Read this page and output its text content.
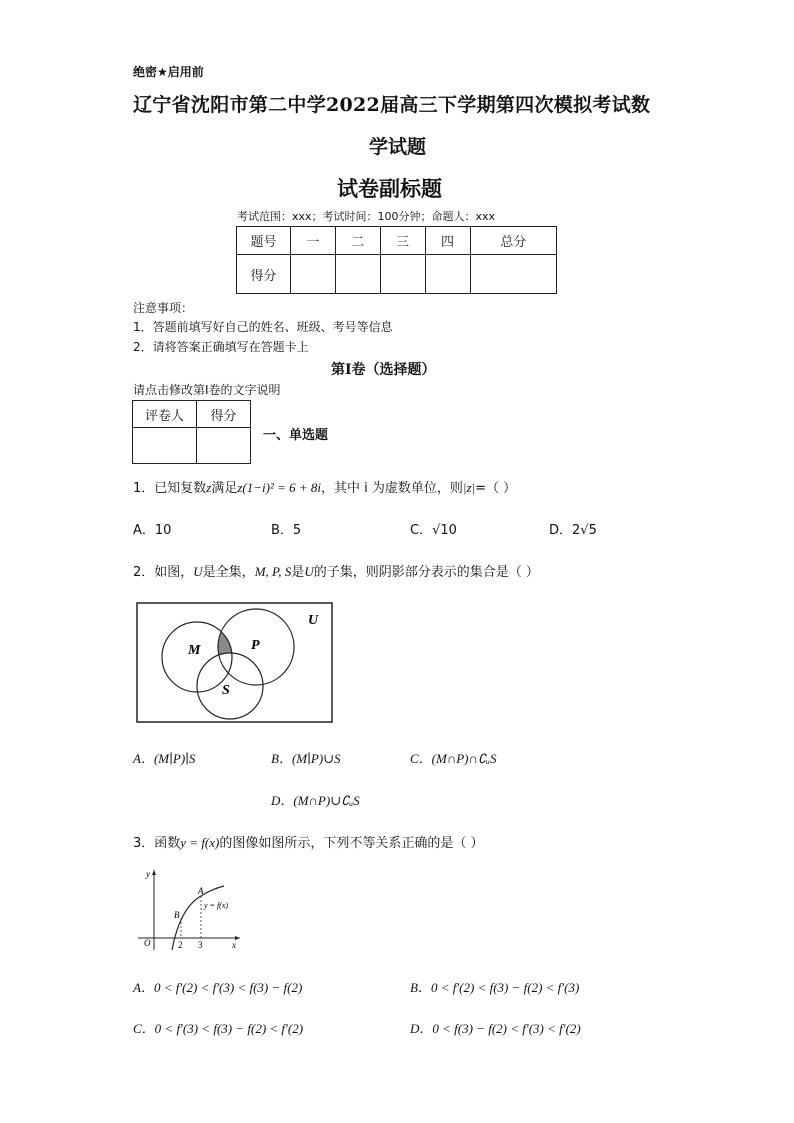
绝密★启用前
辽宁省沈阳市第二中学2022届高三下学期第四次模拟考试数
学试题
试卷副标题
考试范围：xxx；考试时间：100分钟；命题人：xxx
题号	一	二	三	四	总分
得分					
注意事项：
1．答题前填写好自己的姓名、班级、考号等信息
2．请将答案正确填写在答题卡上
第I卷（选择题）
请点击修改第I卷的文字说明
评卷人	得分

一、单选题
1．已知复数z满足z(1−i)² = 6 + 8i，其中 i 为虚数单位，则|z|=（ ）
A．10	B．5	C．√10	D．2√5
2．如图，U是全集，M, P, S是U的子集，则阴影部分表示的集合是（ ）
U
M	P
S
A．(M∣P)∣S	B．(M∣P)∪S	C．(M∩P)∩∁ᵤS
D．(M∩P)∪∁ᵤS
3．函数y = f(x)的图像如图所示，下列不等关系正确的是（ ）
y
x
O
A
B
y = f(x)
2 3
A．0 < f′(2) < f′(3) < f(3) − f(2)	B．0 < f′(2) < f(3) − f(2) < f′(3)
C．0 < f′(3) < f(3) − f(2) < f′(2)	D．0 < f(3) − f(2) < f′(3) < f′(2)
